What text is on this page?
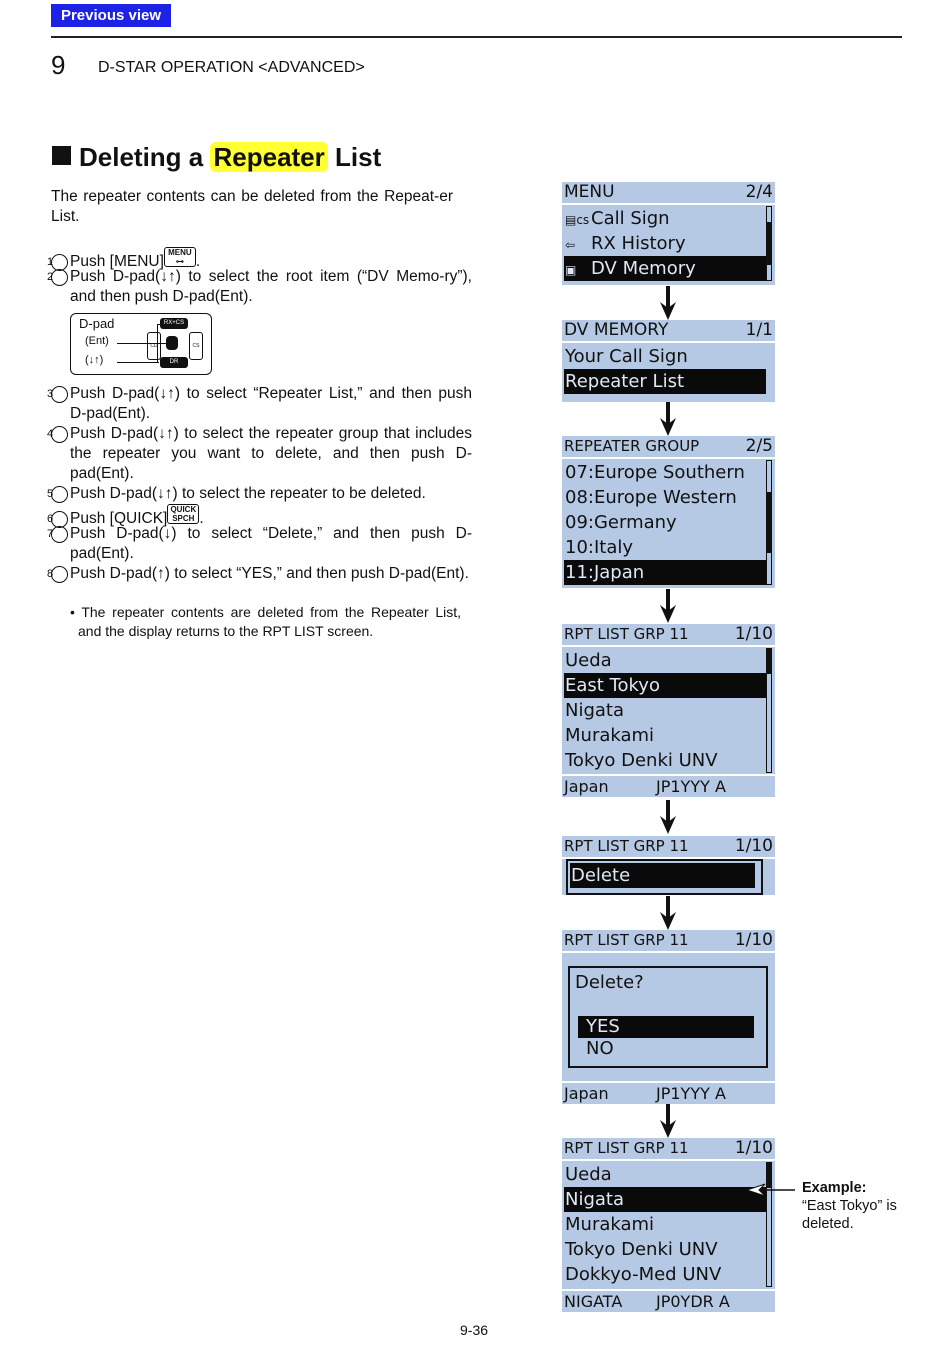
Previous view
9 D-STAR OPERATION <ADVANCED>
Deleting a Repeater List
The repeater contents can be deleted from the Repeat-er List.
1 Push [MENU]MENU ⊶ .
2 Push D-pad(↓↑) to select the root item (“DV Memo-ry”), and then push D-pad(Ent).
3 Push D-pad(↓↑) to select “Repeater List,” and then push D-pad(Ent).
4 Push D-pad(↓↑) to select the repeater group that includes the repeater you want to delete, and then push D-pad(Ent).
5 Push D-pad(↓↑) to select the repeater to be deleted.
6 Push [QUICK]QUICK SPCH .
7 Push D-pad(↓) to select “Delete,” and then push D-pad(Ent).
8 Push D-pad(↑) to select “YES,” and then push D-pad(Ent).
D-pad
(Ent)
(↓↑)
RX+CS
CD	CS
DR
• The repeater contents are deleted from the Repeater List, and the display returns to the RPT LIST screen.
MENU	2/4
▤cs Call Sign
⇦ RX History
▣ DV Memory
DV MEMORY	1/1
Your Call Sign
Repeater List
REPEATER GROUP	2/5
07:Europe Southern
08:Europe Western
09:Germany
10:Italy
11:Japan
RPT LIST GRP 11	1/10
Ueda
East Tokyo
Nigata
Murakami
Tokyo Denki UNV
Japan	JP1YYY A
RPT LIST GRP 11	1/10
Delete
RPT LIST GRP 11	1/10
Japan	JP1YYY A
Delete?
YES
NO
RPT LIST GRP 11	1/10
Ueda
Nigata
Murakami
Tokyo Denki UNV
Dokkyo-Med UNV
NIGATA JP0YDR A
Example:
“East Tokyo” is deleted.
9-36
